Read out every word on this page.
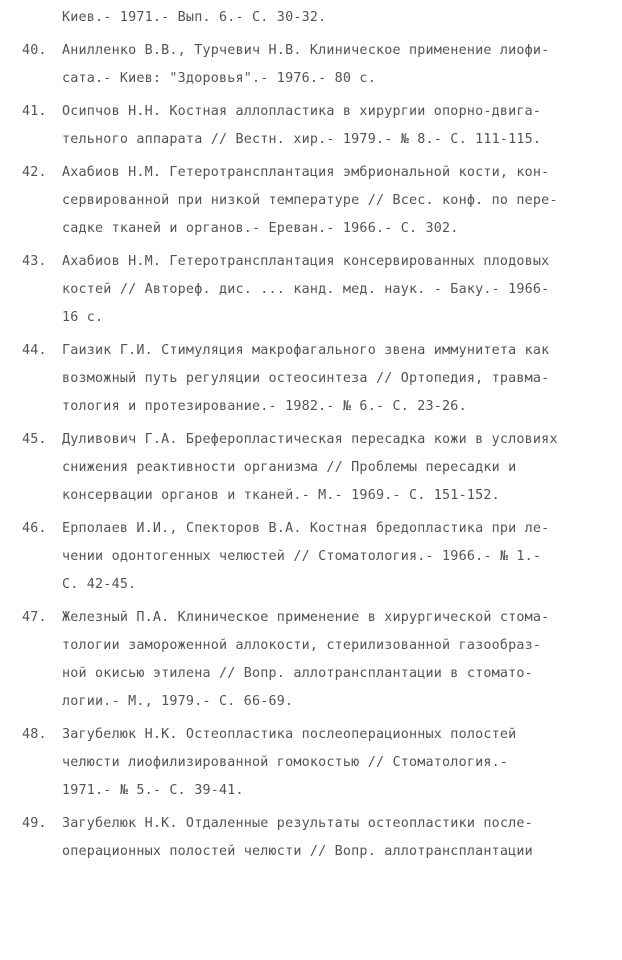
Киев.- 1971.- Вып. 6.- С. 30-32.
40.	Анилленко В.В., Турчевич Н.В. Клиническое применение лиофи-
сата.- Киев: "Здоровья".- 1976.- 80 с.
41.	Осипчов Н.Н. Костная аллопластика в хирургии опорно-двига-
тельного аппарата // Вестн. хир.- 1979.- № 8.- С. 111-115.
42.	Ахабиов Н.М. Гетеротрансплантация эмбриональной кости, кон-
сервированной при низкой температуре // Всес. конф. по пере-
садке тканей и органов.- Ереван.- 1966.- С. 302.
43.	Ахабиов Н.М. Гетеротрансплантация консервированных плодовых
костей // Автореф. дис. ... канд. мед. наук. - Баку.- 1966-
16 с.
44.	Гаизик Г.И. Стимуляция макрофагального звена иммунитета как
возможный путь регуляции остеосинтеза // Ортопедия, травма-
тология и протезирование.- 1982.- № 6.- С. 23-26.
45.	Дуливович Г.А. Бреферопластическая пересадка кожи в условиях
снижения реактивности организма // Проблемы пересадки и
консервации органов и тканей.- М.- 1969.- С. 151-152.
46.	Ерполаев И.И., Спекторов В.А. Костная бредопластика при ле-
чении одонтогенных челюстей // Стоматология.- 1966.- № 1.-
С. 42-45.
47.	Железный П.А. Клиническое применение в хирургической стома-
тологии замороженной аллокости, стерилизованной газообраз-
ной окисью этилена // Вопр. аллотрансплантации в стомато-
логии.- М., 1979.- С. 66-69.
48.	Загубелюк Н.К. Остеопластика послеоперационных полостей
челюсти лиофилизированной гомокостью // Стоматология.-
1971.- № 5.- С. 39-41.
49.	Загубелюк Н.К. Отдаленные результаты остеопластики после-
операционных полостей челюсти // Вопр. аллотрансплантации
